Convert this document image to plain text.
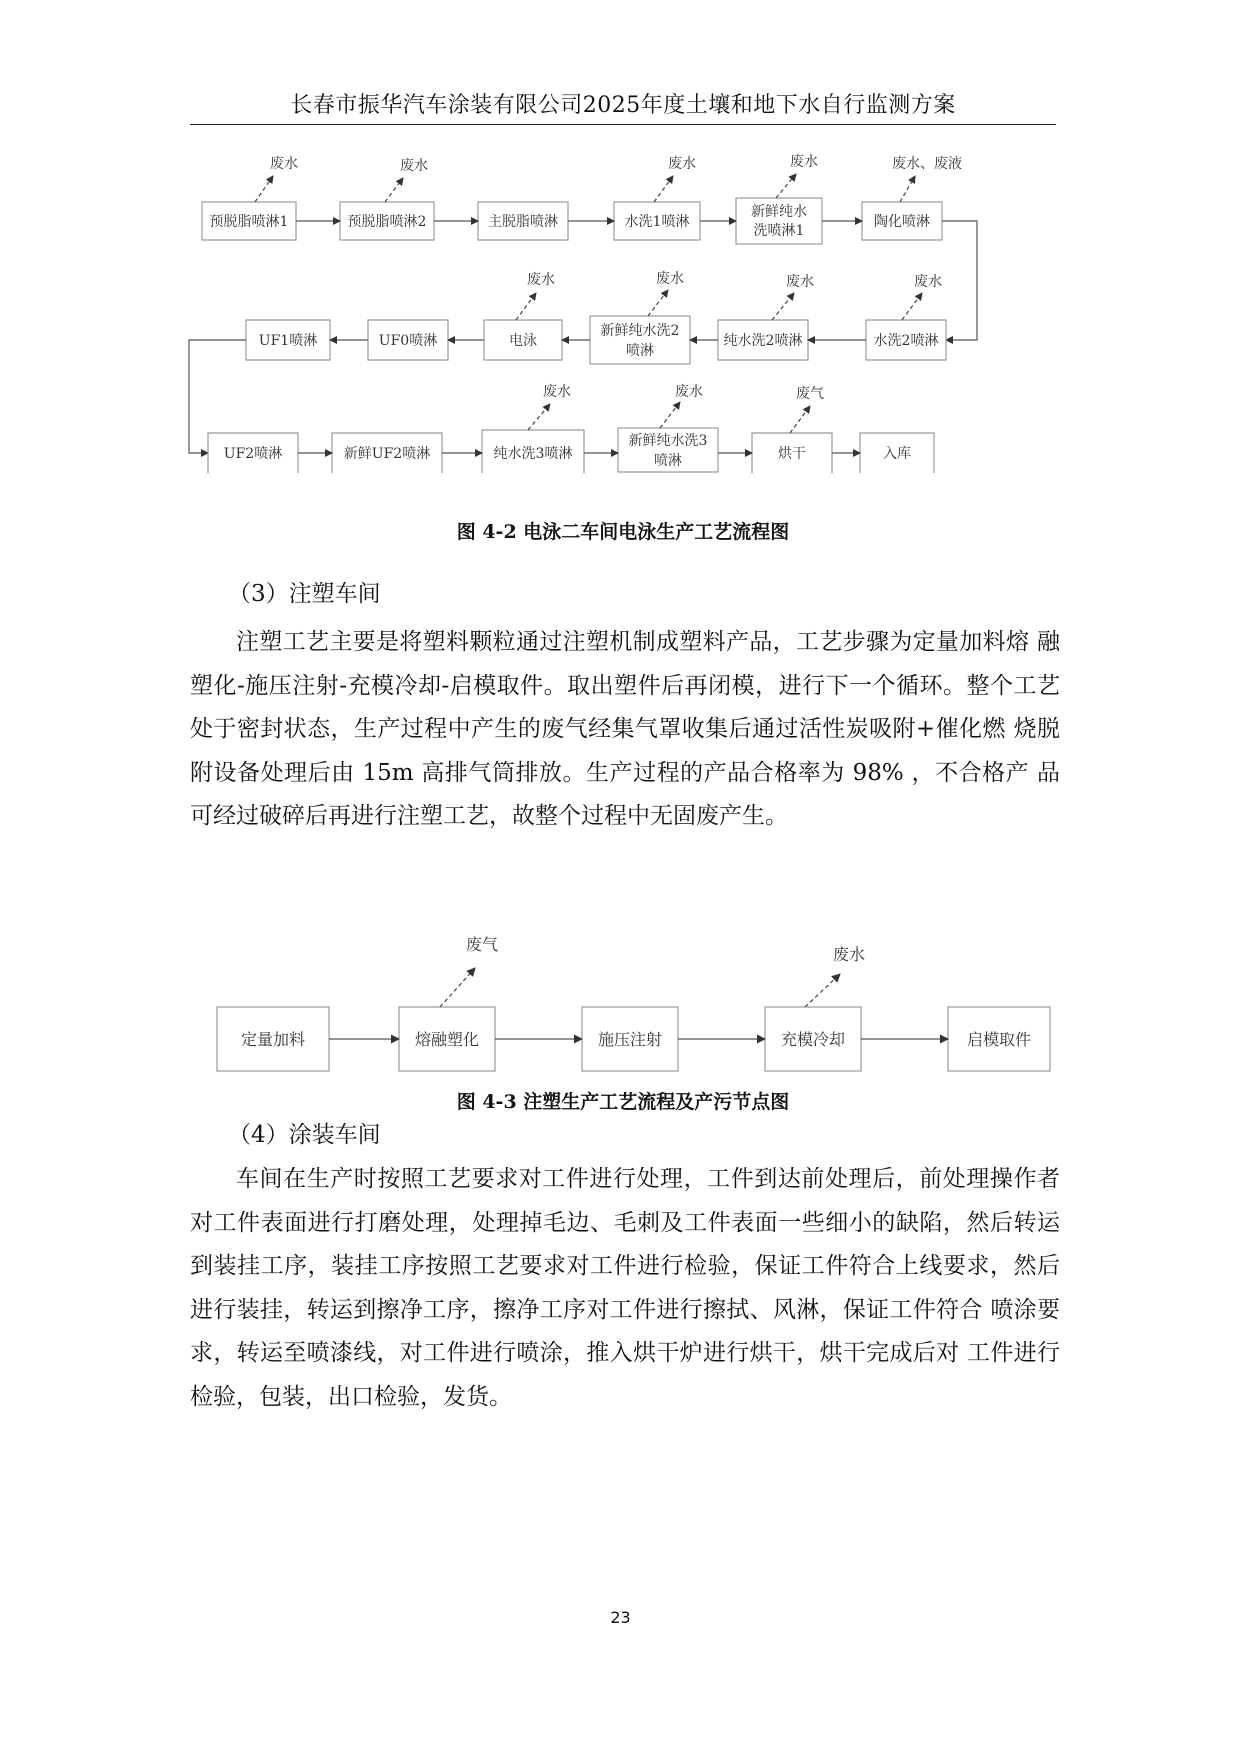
长春市振华汽车涂装有限公司2025年度土壤和地下水自行监测方案
预脱脂喷淋1	预脱脂喷淋2	主脱脂喷淋	水洗1喷淋
新鲜纯水
洗喷淋1
陶化喷淋
废水	废水	废水	废水	废水、废液
UF1喷淋	UF0喷淋	电泳
新鲜纯水洗2
喷淋
纯水洗2喷淋	水洗2喷淋
废水	废水	废水	废水
UF2喷淋	新鲜UF2喷淋	纯水洗3喷淋
新鲜纯水洗3
喷淋	烘干	入库
废水	废水	废气
图 4-2 电泳二车间电泳生产工艺流程图
（3）注塑车间
注塑工艺主要是将塑料颗粒通过注塑机制成塑料产品，工艺步骤为定量加料熔 融塑化-施压注射-充模冷却-启模取件。取出塑件后再闭模，进行下一个循环。整个工艺处于密封状态，生产过程中产生的废气经集气罩收集后通过活性炭吸附+催化燃 烧脱附设备处理后由 15m 高排气筒排放。生产过程的产品合格率为 98% ，不合格产 品可经过破碎后再进行注塑工艺，故整个过程中无固废产生。
定量加料	熔融塑化	施压注射	充模冷却	启模取件
废气
废水
图 4-3 注塑生产工艺流程及产污节点图
（4）涂装车间
车间在生产时按照工艺要求对工件进行处理，工件到达前处理后，前处理操作者对工件表面进行打磨处理，处理掉毛边、毛刺及工件表面一些细小的缺陷，然后转运到装挂工序，装挂工序按照工艺要求对工件进行检验，保证工件符合上线要求，然后进行装挂，转运到擦净工序，擦净工序对工件进行擦拭、风淋，保证工件符合 喷涂要求，转运至喷漆线，对工件进行喷涂，推入烘干炉进行烘干，烘干完成后对 工件进行检验，包装，出口检验，发货。
23
